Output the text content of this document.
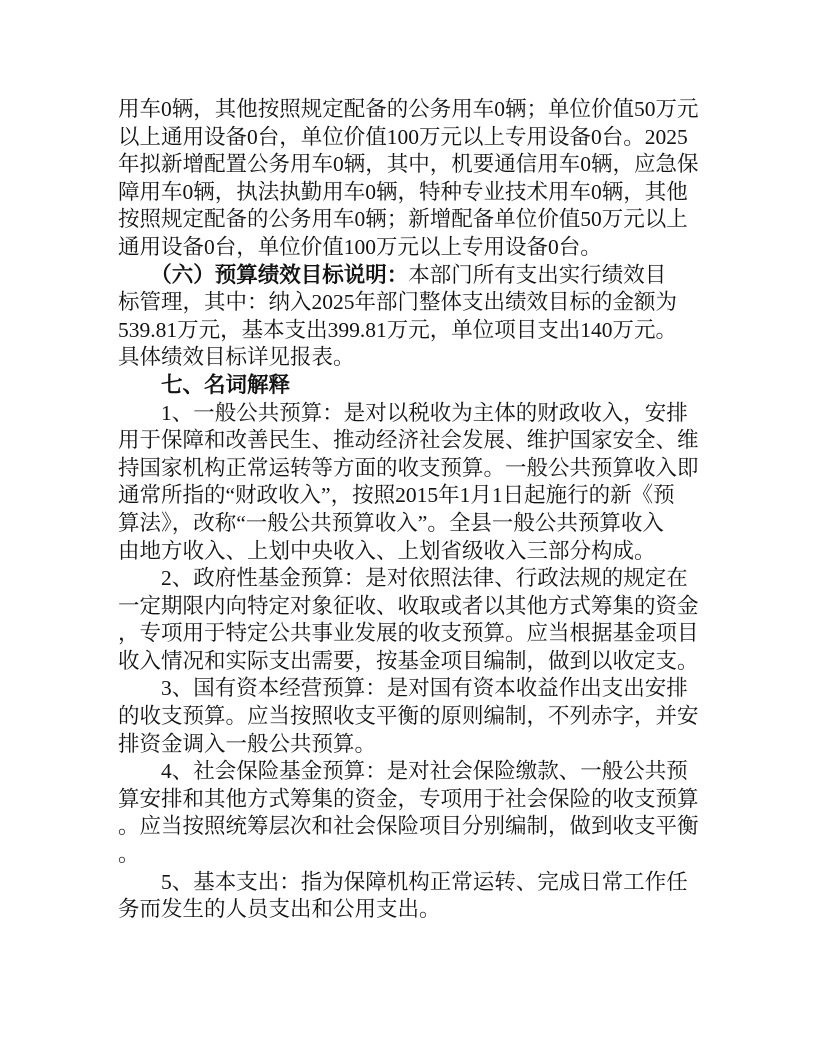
用车0辆，其他按照规定配备的公务用车0辆；单位价值50万元
以上通用设备0台，单位价值100万元以上专用设备0台。2025
年拟新增配置公务用车0辆，其中，机要通信用车0辆，应急保
障用车0辆，执法执勤用车0辆，特种专业技术用车0辆，其他
按照规定配备的公务用车0辆；新增配备单位价值50万元以上
通用设备0台，单位价值100万元以上专用设备0台。
　　（六）预算绩效目标说明：本部门所有支出实行绩效目
标管理，其中：纳入2025年部门整体支出绩效目标的金额为
539.81万元，基本支出399.81万元，单位项目支出140万元。
具体绩效目标详见报表。
　　七、名词解释
　　1、一般公共预算：是对以税收为主体的财政收入，安排
用于保障和改善民生、推动经济社会发展、维护国家安全、维
持国家机构正常运转等方面的收支预算。一般公共预算收入即
通常所指的“财政收入”，按照2015年1月1日起施行的新《预
算法》，改称“一般公共预算收入”。全县一般公共预算收入
由地方收入、上划中央收入、上划省级收入三部分构成。
　　2、政府性基金预算：是对依照法律、行政法规的规定在
一定期限内向特定对象征收、收取或者以其他方式筹集的资金
，专项用于特定公共事业发展的收支预算。应当根据基金项目
收入情况和实际支出需要，按基金项目编制，做到以收定支。
　　3、国有资本经营预算：是对国有资本收益作出支出安排
的收支预算。应当按照收支平衡的原则编制，不列赤字，并安
排资金调入一般公共预算。
　　4、社会保险基金预算：是对社会保险缴款、一般公共预
算安排和其他方式筹集的资金，专项用于社会保险的收支预算
。应当按照统筹层次和社会保险项目分别编制，做到收支平衡
。
　　5、基本支出：指为保障机构正常运转、完成日常工作任
务而发生的人员支出和公用支出。
